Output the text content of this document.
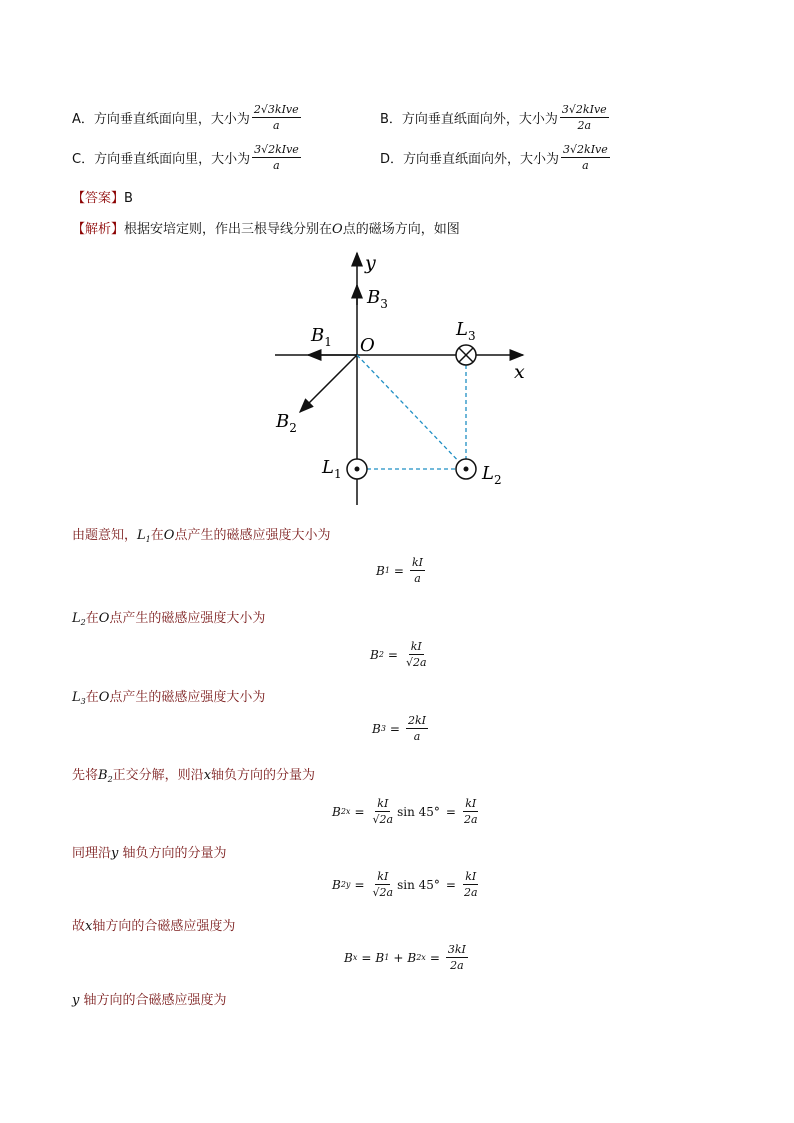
A．方向垂直纸面向里，大小为 $\frac{\text{2√3kIve}}{a}$	B．方向垂直纸面向外，大小为 $\frac{\text{3√2kIve}}{2a}$
C．方向垂直纸面向里，大小为 $\frac{\text{3√2kIve}}{a}$	D．方向垂直纸面向外，大小为 $\frac{\text{3√2kIve}}{a}$
【答案】B
【解析】根据安培定则，作出三根导线分别在O点的磁场方向，如图
y
x
O
$B_3$
$B_1$
$B_2$
$L_3$
$L_1$	$L_2$
由题意知，$L_1$在O点产生的磁感应强度大小为
B $1 = \frac{kI}{a}$
$L_2$在O点产生的磁感应强度大小为
B $2 = \frac{kI}{√2a}$
$L_3$在O点产生的磁感应强度大小为
B $3 = \frac{2kI}{a}$
先将$B_2$正交分解，则沿x轴负方向的分量为
B $2x = \frac{kI}{√2a}$ $\sin 45^\circ = \frac{kI}{2a}$
同理沿y 轴负方向的分量为
B $2y = \frac{kI}{√2a}$ $\sin 45^\circ = \frac{kI}{2a}$
故x轴方向的合磁感应强度为
B x = B 1 + B $2x = \frac{3kI}{2a}$
y 轴方向的合磁感应强度为
